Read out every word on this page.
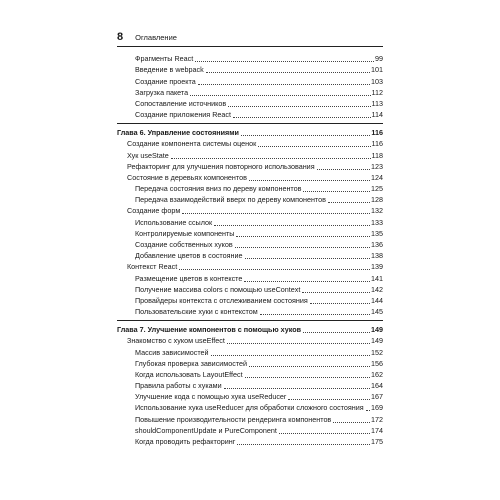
8 Оглавление
Фрагменты React	99
Введение в webpack	101
Создание проекта	103
Загрузка пакета	112
Сопоставление источников	113
Создание приложения React	114
Глава 6. Управление состояниями	116
Создание компонента системы оценок	116
Хук useState	118
Рефакторинг для улучшения повторного использования	123
Состояние в деревьях компонентов	124
Передача состояния вниз по дереву компонентов	125
Передача взаимодействий вверх по дереву компонентов	128
Создание форм	132
Использование ссылок	133
Контролируемые компоненты	135
Создание собственных хуков	136
Добавление цветов в состояние	138
Контекст React	139
Размещение цветов в контексте	141
Получение массива colors с помощью useContext	142
Провайдеры контекста с отслеживанием состояния	144
Пользовательские хуки с контекстом	145
Глава 7. Улучшение компонентов с помощью хуков	149
Знакомство с хуком useEffect	149
Массив зависимостей	152
Глубокая проверка зависимостей	156
Когда использовать LayoutEffect	162
Правила работы с хуками	164
Улучшение кода с помощью хука useReducer	167
Использование хука useReducer для обработки сложного состояния 169
Повышение производительности рендеринга компонентов	172
shouldComponentUpdate и PureComponent	174
Когда проводить рефакторинг	175
